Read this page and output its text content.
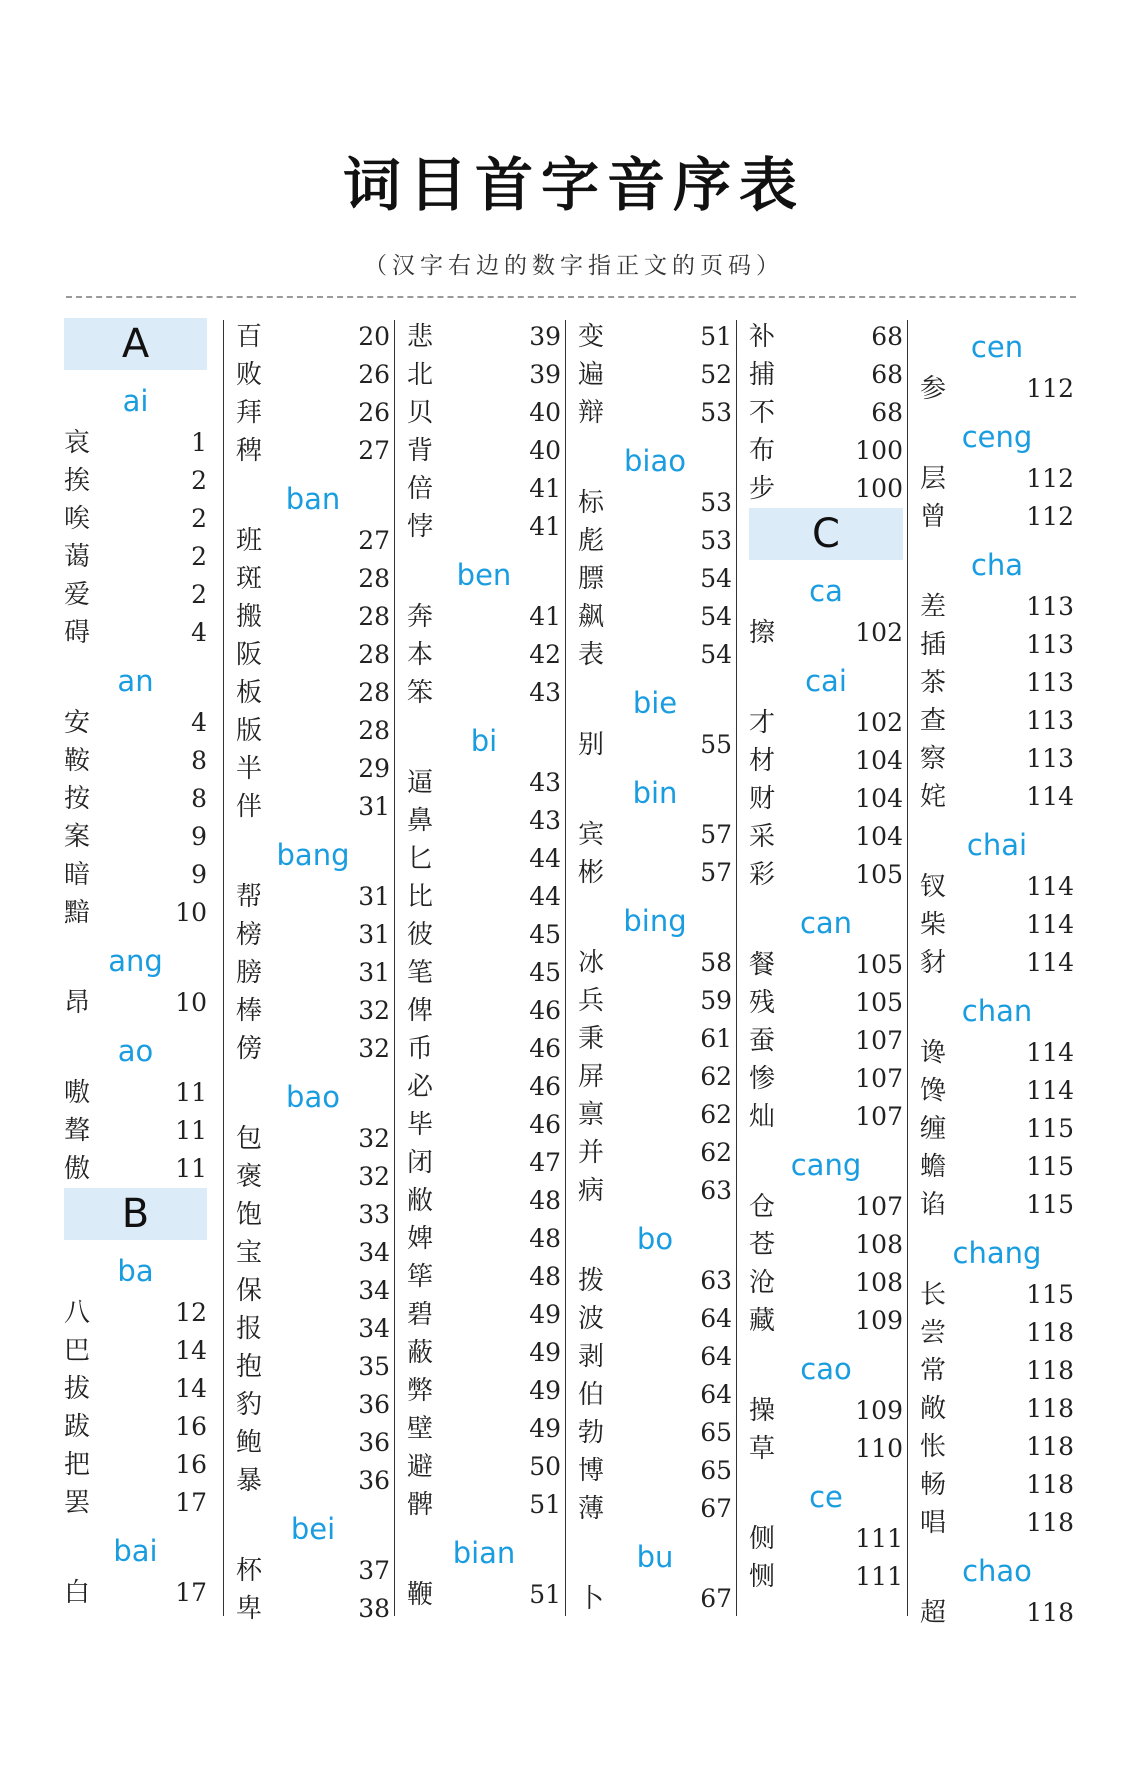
词目首字音序表
（汉字右边的数字指正文的页码）
A
ai
哀	1
挨	2
唉	2
蔼	2
爱	2
碍	4
an
安	4
鞍	8
按	8
案	9
暗	9
黯	10
ang
昂	10
ao
嗷	11
聱	11
傲	11
B
ba
八	12
巴	14
拔	14
跋	16
把	16
罢	17
bai
白	17
百	20
败	26
拜	26
稗	27
ban
班	27
斑	28
搬	28
阪	28
板	28
版	28
半	29
伴	31
bang
帮	31
榜	31
膀	31
棒	32
傍	32
bao
包	32
褒	32
饱	33
宝	34
保	34
报	34
抱	35
豹	36
鲍	36
暴	36
bei
杯	37
卑	38
悲	39
北	39
贝	40
背	40
倍	41
悖	41
ben
奔	41
本	42
笨	43
bi
逼	43
鼻	43
匕	44
比	44
彼	45
笔	45
俾	46
币	46
必	46
毕	46
闭	47
敝	48
婢	48
筚	48
碧	49
蔽	49
弊	49
壁	49
避	50
髀	51
bian
鞭	51
变	51
遍	52
辩	53
biao
标	53
彪	53
膘	54
飙	54
表	54
bie
别	55
bin
宾	57
彬	57
bing
冰	58
兵	59
秉	61
屏	62
禀	62
并	62
病	63
bo
拨	63
波	64
剥	64
伯	64
勃	65
博	65
薄	67
bu
卜	67
补	68
捕	68
不	68
布	100
步	100
C
ca
擦	102
cai
才	102
材	104
财	104
采	104
彩	105
can
餐	105
残	105
蚕	107
惨	107
灿	107
cang
仓	107
苍	108
沧	108
藏	109
cao
操	109
草	110
ce
侧	111
恻	111
cen
参	112
ceng
层	112
曾	112
cha
差	113
插	113
茶	113
查	113
察	113
姹	114
chai
钗	114
柴	114
豺	114
chan
谗	114
馋	114
缠	115
蟾	115
谄	115
chang
长	115
尝	118
常	118
敞	118
怅	118
畅	118
唱	118
chao
超	118
